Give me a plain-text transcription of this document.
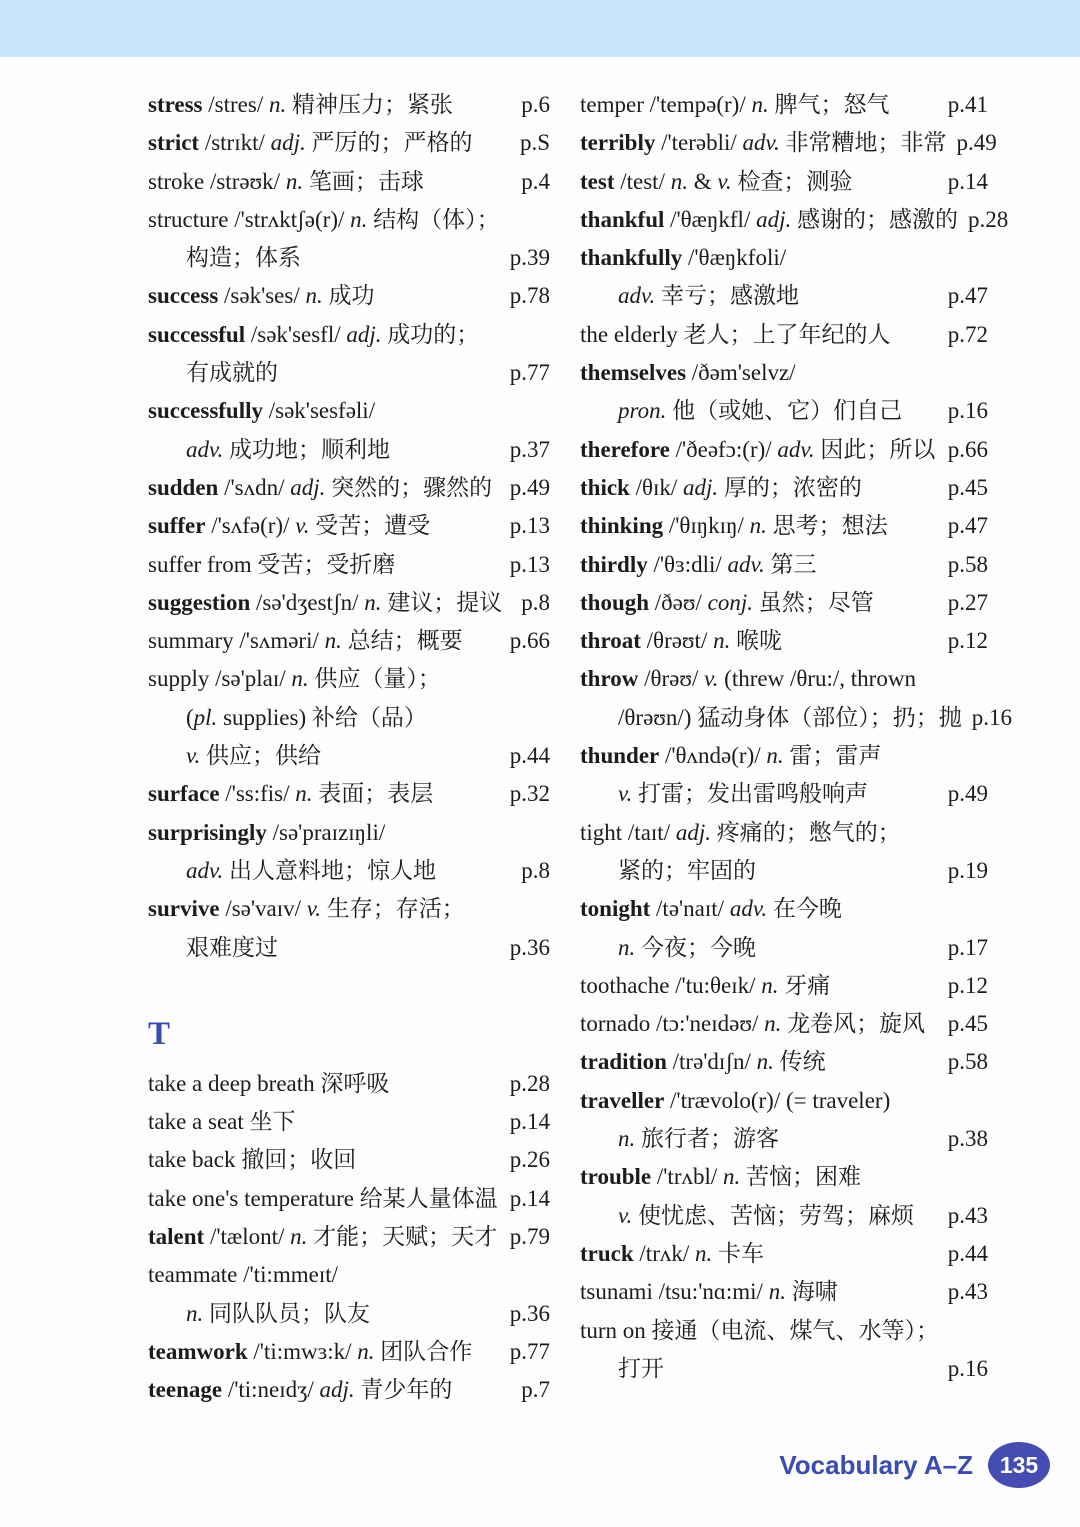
stress /stres/ n. 精神压力；紧张	p.6
strict /strɪkt/ adj. 严厉的；严格的 p.S
stroke /strəʊk/ n. 笔画；击球	p.4
structure /'strʌktʃə(r)/ n. 结构（体）；
构造；体系	p.39
success /sək'ses/ n. 成功	p.78
successful /sək'sesfl/ adj. 成功的；
有成就的	p.77
successfully /sək'sesfəli/
adv. 成功地；顺利地	p.37
sudden /'sʌdn/ adj. 突然的；骤然的 p.49
suffer /'sʌfə(r)/ v. 受苦；遭受	p.13
suffer from 受苦；受折磨	p.13
suggestion /sə'dʒestʃn/ n. 建议；提议 p.8
summary /'sʌməri/ n. 总结；概要 p.66
supply /sə'plaɪ/ n. 供应（量）；
(pl. supplies) 补给（品）
v. 供应；供给	p.44
surface /'ss:fis/ n. 表面；表层	p.32
surprisingly /sə'praɪzɪŋli/
adv. 出人意料地；惊人地	p.8
survive /sə'vaɪv/ v. 生存；存活；
艰难度过	p.36
T
take a deep breath 深呼吸	p.28
take a seat 坐下	p.14
take back 撤回；收回	p.26
take one's temperature 给某人量体温 p.14
talent /'tælont/ n. 才能；天赋；天才 p.79
teammate /'ti:mmeɪt/
n. 同队队员；队友	p.36
teamwork /'ti:mwɜ:k/ n. 团队合作 p.77
teenage /'ti:neɪdʒ/ adj. 青少年的	p.7
temper /'tempə(r)/ n. 脾气；怒气	p.41
terribly /'terəbli/ adv. 非常糟地；非常 p.49
test /test/ n. & v. 检查；测验	p.14
thankful /'θæŋkfl/ adj. 感谢的；感激的 p.28
thankfully /'θæŋkfoli/
adv. 幸亏；感激地	p.47
the elderly 老人；上了年纪的人 p.72
themselves /ðəm'selvz/
pron. 他（或她、它）们自己 p.16
therefore /'ðeəfɔ:(r)/ adv. 因此；所以 p.66
thick /θɪk/ adj. 厚的；浓密的	p.45
thinking /'θɪŋkɪŋ/ n. 思考；想法	p.47
thirdly /'θɜ:dli/ adv. 第三	p.58
though /ðəʊ/ conj. 虽然；尽管	p.27
throat /θrəʊt/ n. 喉咙	p.12
throw /θrəʊ/ v. (threw /θru:/, thrown
/θrəʊn/) 猛动身体（部位）；扔；抛 p.16
thunder /'θʌndə(r)/ n. 雷；雷声
v. 打雷；发出雷鸣般响声	p.49
tight /taɪt/ adj. 疼痛的；憋气的；
紧的；牢固的	p.19
tonight /tə'naɪt/ adv. 在今晚
n. 今夜；今晚	p.17
toothache /'tu:θeɪk/ n. 牙痛	p.12
tornado /tɔ:'neɪdəʊ/ n. 龙卷风；旋风 p.45
tradition /trə'dɪʃn/ n. 传统	p.58
traveller /'trævolo(r)/ (= traveler)
n. 旅行者；游客	p.38
trouble /'trʌbl/ n. 苦恼；困难
v. 使忧虑、苦恼；劳驾；麻烦 p.43
truck /trʌk/ n. 卡车	p.44
tsunami /tsu:'nɑ:mi/ n. 海啸	p.43
turn on 接通（电流、煤气、水等）；
打开	p.16
Vocabulary A–Z	135
